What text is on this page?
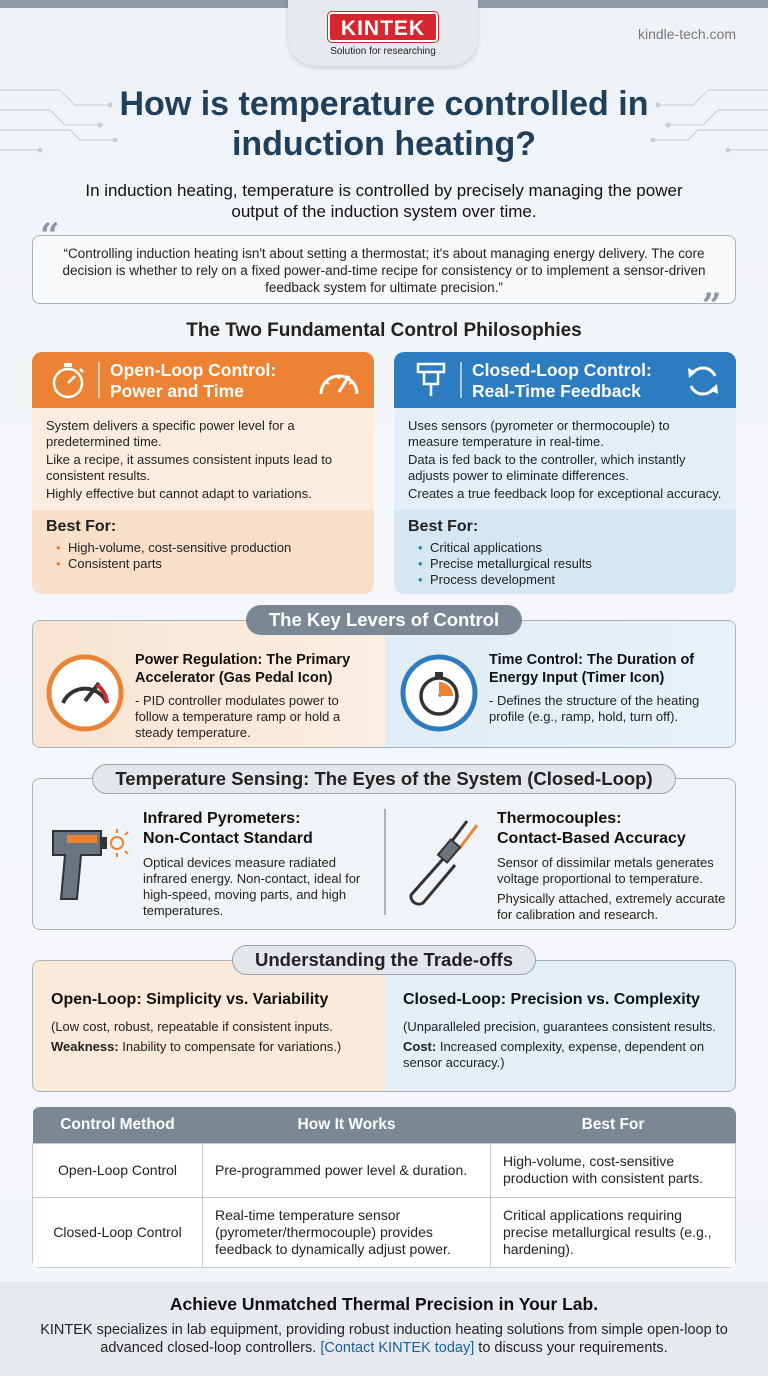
KINTEK
Solution for researching
kindle-tech.com
How is temperature controlled in induction heating?
In induction heating, temperature is controlled by precisely managing the power output of the induction system over time.
“Controlling induction heating isn't about setting a thermostat; it's about managing energy delivery. The core decision is whether to rely on a fixed power-and-time recipe for consistency or to implement a sensor-driven feedback system for ultimate precision.”	”
The Two Fundamental Control Philosophies
Open-Loop Control:
Power and Time

System delivers a specific power level for a predetermined time.

Like a recipe, it assumes consistent inputs lead to consistent results.

Highly effective but cannot adapt to variations.

Best For:
• High-volume, cost-sensitive production
• Consistent parts
Closed-Loop Control:
Real-Time Feedback

Uses sensors (pyrometer or thermocouple) to measure temperature in real-time.

Data is fed back to the controller, which instantly adjusts power to eliminate differences.

Creates a true feedback loop for exceptional accuracy.

Best For:
• Critical applications
• Precise metallurgical results
• Process development
Power Regulation: The Primary Accelerator (Gas Pedal Icon)
- PID controller modulates power to follow a temperature ramp or hold a steady temperature.
Time Control: The Duration of Energy Input (Timer Icon)
- Defines the structure of the heating profile (e.g., ramp, hold, turn off).
The Key Levers of Control
Infrared Pyrometers:
Non-Contact Standard
Optical devices measure radiated infrared energy. Non-contact, ideal for high-speed, moving parts, and high temperatures.
Thermocouples:
Contact-Based Accuracy
Sensor of dissimilar metals generates voltage proportional to temperature.
Physically attached, extremely accurate for calibration and research.
Temperature Sensing: The Eyes of the System (Closed-Loop)
Open-Loop: Simplicity vs. Variability
(Low cost, robust, repeatable if consistent inputs.
Weakness: Inability to compensate for variations.)
Closed-Loop: Precision vs. Complexity
(Unparalleled precision, guarantees consistent results.
Cost: Increased complexity, expense, dependent on sensor accuracy.)
Understanding the Trade-offs
Control Method	How It Works	Best For
Open-Loop Control	Pre-programmed power level & duration.	High-volume, cost-sensitive production with consistent parts.
Closed-Loop Control	Real-time temperature sensor (pyrometer/thermocouple) provides feedback to dynamically adjust power.	Critical applications requiring precise metallurgical results (e.g., hardening).
Achieve Unmatched Thermal Precision in Your Lab.
KINTEK specializes in lab equipment, providing robust induction heating solutions from simple open-loop to advanced closed-loop controllers. [Contact KINTEK today] to discuss your requirements.
